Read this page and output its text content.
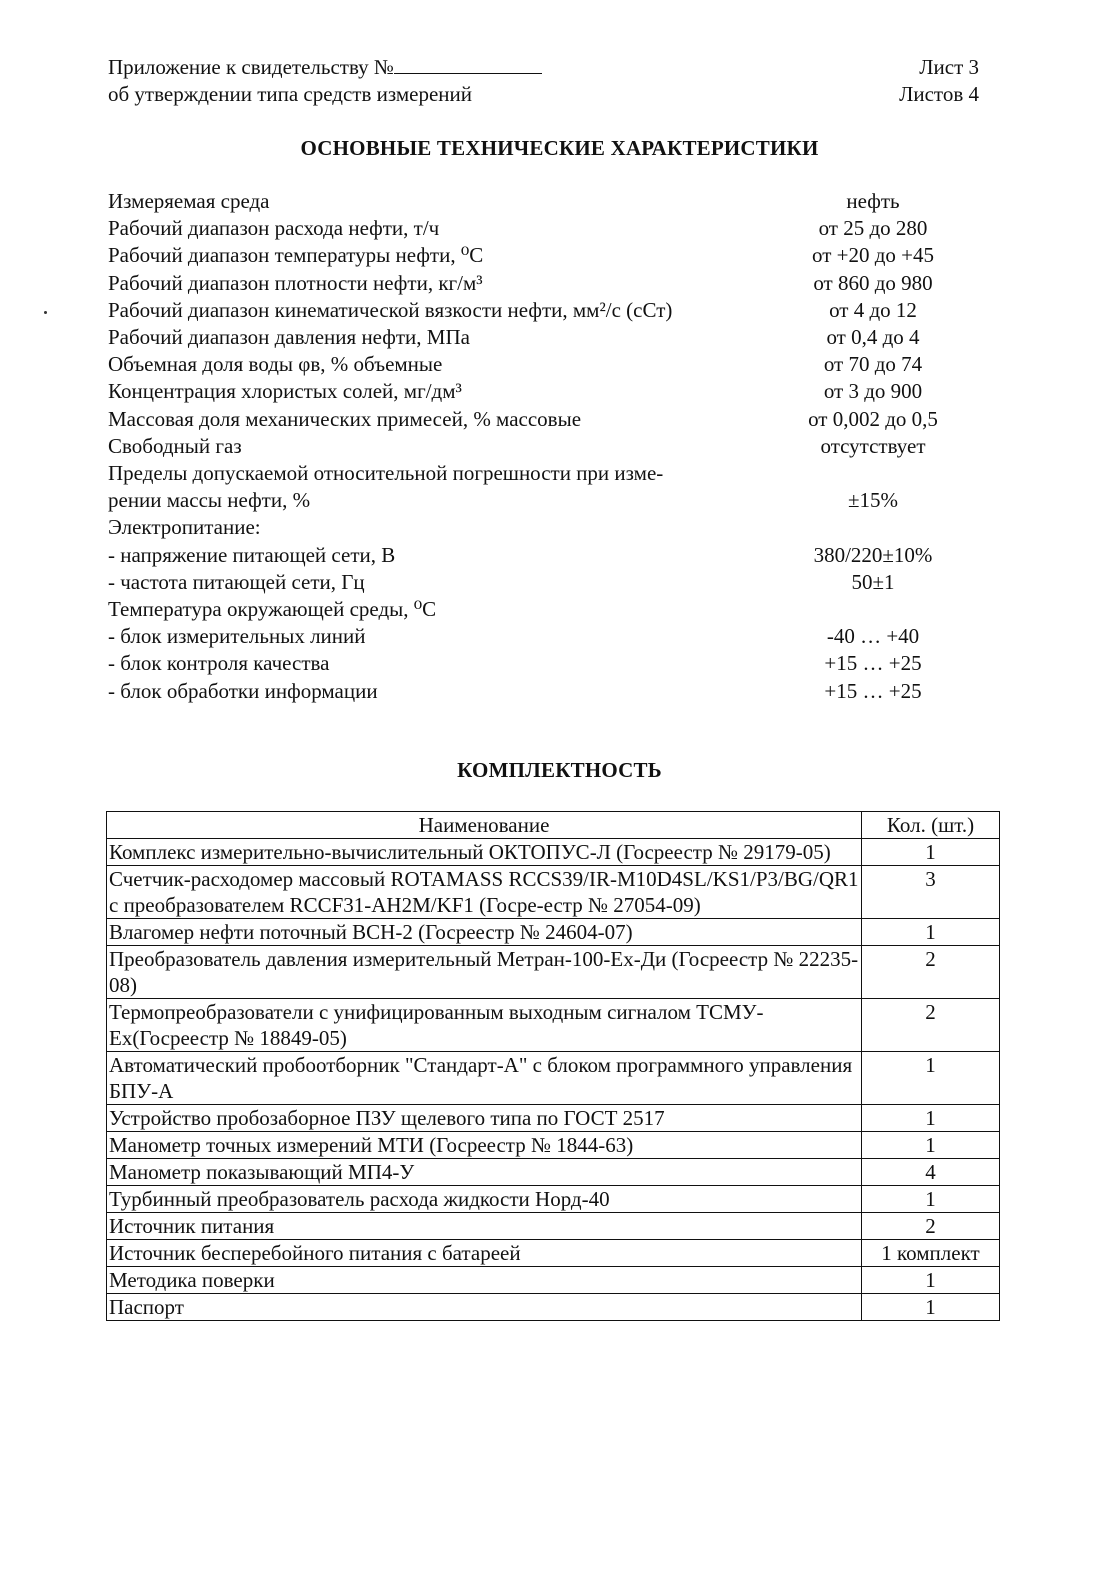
Приложение к свидетельству №
об утверждении типа средств измерений
Лист 3
Листов 4
ОСНОВНЫЕ ТЕХНИЧЕСКИЕ ХАРАКТЕРИСТИКИ
Измеряемая среда	нефть
Рабочий диапазон расхода нефти, т/ч	от 25 до 280
Рабочий диапазон температуры нефти, ⁰С	от +20 до +45
Рабочий диапазон плотности нефти, кг/м³	от 860 до 980
Рабочий диапазон кинематической вязкости нефти, мм²/с (сСт)	от 4 до 12
Рабочий диапазон давления нефти, МПа	от 0,4 до 4
Объемная доля воды φв, % объемные	от 70 до 74
Концентрация хлористых солей, мг/дм³	от 3 до 900
Массовая доля механических примесей, % массовые	от 0,002 до 0,5
Свободный газ	отсутствует
Пределы допускаемой относительной погрешности при изме-
рении массы нефти, %	±15%
Электропитание:
- напряжение питающей сети, В	380/220±10%
- частота питающей сети, Гц	50±1
Температура окружающей среды, ⁰С
- блок измерительных линий	-40 … +40
- блок контроля качества	+15 … +25
- блок обработки информации	+15 … +25
КОМПЛЕКТНОСТЬ
Наименование	Кол. (шт.)
Комплекс измерительно-вычислительный ОКТОПУС-Л (Госреестр № 29179-05)	1
Счетчик-расходомер массовый ROTAMASS RCCS39/IR-M10D4SL/KS1/P3/BG/QR1 с преобразователем RCCF31-AH2M/KF1 (Госре-естр № 27054-09)	3
Влагомер нефти поточный ВСН-2 (Госреестр № 24604-07)	1
Преобразователь давления измерительный Метран-100-Ех-Ди (Госреестр № 22235-08)	2
Термопреобразователи с унифицированным выходным сигналом ТСМУ-Ex(Госреестр № 18849-05)	2
Автоматический пробоотборник "Стандарт-А" с блоком программного управления БПУ-А	1
Устройство пробозаборное ПЗУ щелевого типа по ГОСТ 2517	1
Манометр точных измерений МТИ (Госреестр № 1844-63)	1
Манометр показывающий МП4-У	4
Турбинный преобразователь расхода жидкости Норд-40	1
Источник питания	2
Источник бесперебойного питания с батареей	1 комплект
Методика поверки	1
Паспорт	1
